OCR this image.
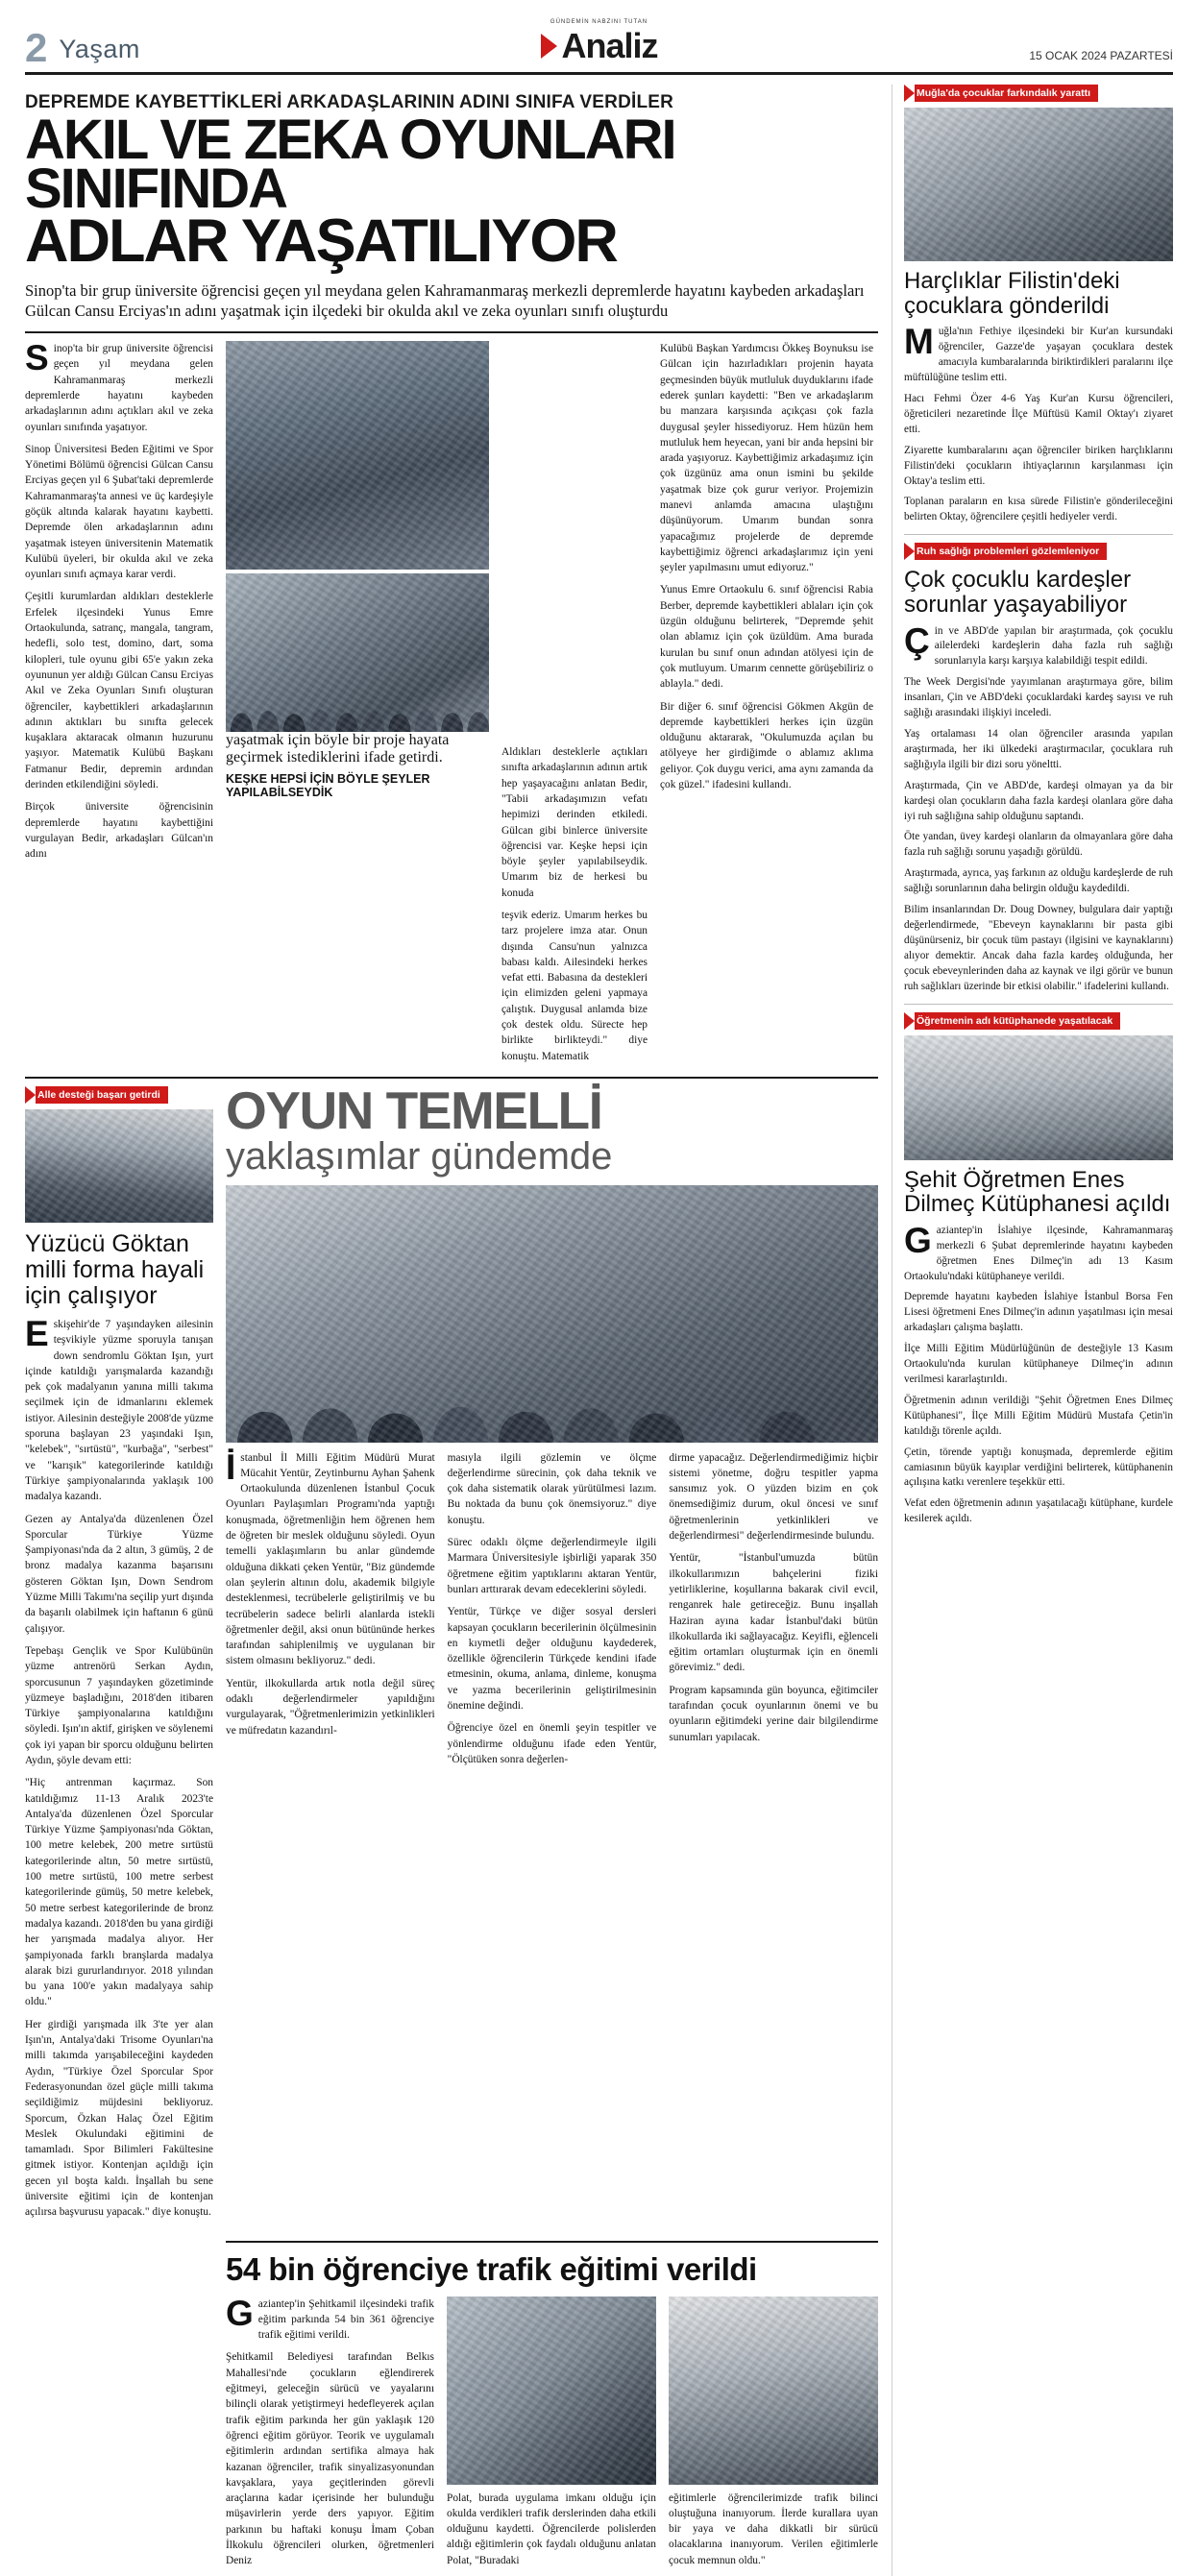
2 Yaşam
GÜNDEMİN NABZINI TUTAN
Analiz	15 OCAK 2024 PAZARTESİ
DEPREMDE KAYBETTİKLERİ ARKADAŞLARININ ADINI SINIFA VERDİLER
AKIL VE ZEKA OYUNLARI SINIFINDA
ADLAR YAŞATILIYOR
Sinop'ta bir grup üniversite öğrencisi geçen yıl meydana gelen Kahramanmaraş merkezli depremlerde hayatını kaybeden arkadaşları Gülcan Cansu Erciyas'ın adını yaşatmak için ilçedeki bir okulda akıl ve zeka oyunları sınıfı oluşturdu

Sinop'ta bir grup üniversite öğrencisi geçen yıl meydana gelen Kahramanmaraş merkezli depremlerde hayatını kaybeden arkadaşlarının adını açtıkları akıl ve zeka oyunları sınıfında yaşatıyor.

Sinop Üniversitesi Beden Eğitimi ve Spor Yönetimi Bölümü öğrencisi Gülcan Cansu Erciyas geçen yıl 6 Şubat'taki depremlerde Kahramanmaraş'ta annesi ve üç kardeşiyle göçük altında kalarak hayatını kaybetti. Depremde ölen arkadaşlarının adını yaşatmak isteyen üniversitenin Matematik Kulübü üyeleri, bir okulda akıl ve zeka oyunları sınıfı açmaya karar verdi.

Çeşitli kurumlardan aldıkları desteklerle Erfelek ilçesindeki Yunus Emre Ortaokulunda, satranç, mangala, tangram, hedefli, solo test, domino, dart, soma kilopleri, tule oyunu gibi 65'e yakın zeka oyununun yer aldığı Gülcan Cansu Erciyas Akıl ve Zeka Oyunları Sınıfı oluşturan öğrenciler, kaybettikleri arkadaşlarının adının aktıkları bu sınıfta gelecek kuşaklara aktaracak olmanın huzurunu yaşıyor. Matematik Kulübü Başkanı Fatmanur Bedir, depremin ardından derinden etkilendiğini söyledi.

Birçok üniversite öğrencisinin depremlerde hayatını kaybettiğini vurgulayan Bedir, arkadaşları Gülcan'ın adını

yaşatmak için böyle bir proje hayata geçirmek istediklerini ifade getirdi.
KEŞKE HEPSİ İÇİN BÖYLE ŞEYLER YAPILABİLSEYDİK

Aldıkları desteklerle açtıkları sınıfta arkadaşlarının adının artık hep yaşayacağını anlatan Bedir, "Tabii arkadaşımızın vefatı hepimizi derinden etkiledi. Gülcan gibi binlerce üniversite öğrencisi var. Keşke hepsi için böyle şeyler yapılabilseydik. Umarım biz de herkesi bu konuda

teşvik ederiz. Umarım herkes bu tarz projelere imza atar. Onun dışında Cansu'nun yalnızca babası kaldı. Ailesindeki herkes vefat etti. Babasına da destekleri için elimizden geleni yapmaya çalıştık. Duygusal anlamda bize çok destek oldu. Sürecte hep birlikte birlikteydi." diye konuştu. Matematik

Kulübü Başkan Yardımcısı Ökkeş Boynuksu ise Gülcan için hazırladıkları projenin hayata geçmesinden büyük mutluluk duyduklarını ifade ederek şunları kaydetti: "Ben ve arkadaşlarım bu manzara karşısında açıkçası çok fazla duygusal şeyler hissediyoruz. Hem hüzün hem mutluluk hem heyecan, yani bir anda hepsini bir arada yaşıyoruz. Kaybettiğimiz arkadaşımız için çok üzgünüz ama onun ismini bu şekilde yaşatmak bize çok gurur veriyor. Projemizin manevi anlamda amacına ulaştığını düşünüyorum. Umarım bundan sonra yapacağımız projelerde de depremde kaybettiğimiz öğrenci arkadaşlarımız için yeni şeyler yapılmasını umut ediyoruz."

Yunus Emre Ortaokulu 6. sınıf öğrencisi Rabia Berber, depremde kaybettikleri ablaları için çok üzgün olduğunu belirterek, "Depremde şehit olan ablamız için çok üzüldüm. Ama burada kurulan bu sınıf onun adından atölyesi için de çok mutluyum. Umarım cennette görüşebiliriz o ablayla." dedi.

Bir diğer 6. sınıf öğrencisi Gökmen Akgün de depremde kaybettikleri herkes için üzgün olduğunu aktararak, "Okulumuzda açılan bu atölyeye her girdiğimde o ablamız aklıma geliyor. Çok duygu verici, ama aynı zamanda da çok güzel." ifadesini kullandı.

Alle desteği başarı getirdi
Yüzücü Göktan milli forma hayali için çalışıyor

Eskişehir'de 7 yaşındayken ailesinin teşvikiyle yüzme sporuyla tanışan down sendromlu Göktan Işın, yurt içinde katıldığı yarışmalarda kazandığı pek çok madalyanın yanına milli takıma seçilmek için de idmanlarını eklemek istiyor. Ailesinin desteğiyle 2008'de yüzme sporuna başlayan 23 yaşındaki Işın, "kelebek", "sırtüstü", "kurbağa", "serbest" ve "karışık" kategorilerinde katıldığı Türkiye şampiyonalarında yaklaşık 100 madalya kazandı.

Gezen ay Antalya'da düzenlenen Özel Sporcular Türkiye Yüzme Şampiyonası'nda da 2 altın, 3 gümüş, 2 de bronz madalya kazanma başarısını gösteren Göktan Işın, Down Sendrom Yüzme Milli Takımı'na seçilip yurt dışında da başarılı olabilmek için haftanın 6 günü çalışıyor.

Tepebaşı Gençlik ve Spor Kulübünün yüzme antrenörü Serkan Aydın, sporcusunun 7 yaşındayken gözetiminde yüzmeye başladığını, 2018'den itibaren Türkiye şampiyonalarına katıldığını söyledi. Işın'ın aktif, girişken ve söylenemi çok iyi yapan bir sporcu olduğunu belirten Aydın, şöyle devam etti:

"Hiç antrenman kaçırmaz. Son katıldığımız 11-13 Aralık 2023'te Antalya'da düzenlenen Özel Sporcular Türkiye Yüzme Şampiyonası'nda Göktan, 100 metre kelebek, 200 metre sırtüstü kategorilerinde altın, 50 metre sırtüstü, 100 metre sırtüstü, 100 metre serbest kategorilerinde gümüş, 50 metre kelebek, 50 metre serbest kategorilerinde de bronz madalya kazandı. 2018'den bu yana girdiği her yarışmada madalya alıyor. Her şampiyonada farklı branşlarda madalya alarak bizi gururlandırıyor. 2018 yılından bu yana 100'e yakın madalyaya sahip oldu."

Her girdiği yarışmada ilk 3'te yer alan Işın'ın, Antalya'daki Trisome Oyunları'na milli takımda yarışabileceğini kaydeden Aydın, "Türkiye Özel Sporcular Spor Federasyonundan özel güçle milli takıma seçildiğimiz müjdesini bekliyoruz. Sporcum, Özkan Halaç Özel Eğitim Meslek Okulundaki eğitimini de tamamladı. Spor Bilimleri Fakültesine gitmek istiyor. Kontenjan açıldığı için gecen yıl boşta kaldı. İnşallah bu sene üniversite eğitimi için de kontenjan açılırsa başvurusu yapacak." diye konuştu.

OYUN TEMELLİ
yaklaşımlar gündemde

İstanbul İl Milli Eğitim Müdürü Murat Mücahit Yentür, Zeytinburnu Ayhan Şahenk Ortaokulunda düzenlenen İstanbul Çocuk Oyunları Paylaşımları Programı'nda yaptığı konuşmada, öğretmenliğin hem öğrenen hem de öğreten bir meslek olduğunu söyledi. Oyun temelli yaklaşımların bu anlar gündemde olduğuna dikkati çeken Yentür, "Biz gündemde olan şeylerin altının dolu, akademik bilgiyle desteklenmesi, tecrübelerle geliştirilmiş ve bu tecrübelerin sadece belirli alanlarda istekli öğretmenler değil, aksi onun bütününde herkes tarafından sahiplenilmiş ve uygulanan bir sistem olmasını bekliyoruz." dedi.

Yentür, ilkokullarda artık notla değil süreç odaklı değerlendirmeler yapıldığını vurgulayarak, "Öğretmenlerimizin yetkinlikleri ve müfredatın kazandırıl-

masıyla ilgili gözlemin ve ölçme değerlendirme sürecinin, çok daha teknik ve çok daha sistematik olarak yürütülmesi lazım. Bu noktada da bunu çok önemsiyoruz." diye konuştu.

Sürec odaklı ölçme değerlendirmeyle ilgili Marmara Üniversitesiyle işbirliği yaparak 350 öğretmene eğitim yaptıklarını aktaran Yentür, bunları arttırarak devam edeceklerini söyledi.

Yentür, Türkçe ve diğer sosyal dersleri kapsayan çocukların becerilerinin ölçülmesinin en kıymetli değer olduğunu kaydederek, özellikle öğrencilerin Türkçede kendini ifade etmesinin, okuma, anlama, dinleme, konuşma ve yazma becerilerinin geliştirilmesinin önemine değindi.

Öğrenciye özel en önemli şeyin tespitler ve yönlendirme olduğunu ifade eden Yentür, "Ölçütüken sonra değerlen-

dirme yapacağız. Değerlendirmediğimiz hiçbir sistemi yönetme, doğru tespitler yapma sansımız yok. O yüzden bizim en çok önemsediğimiz durum, okul öncesi ve sınıf öğretmenlerinin yetkinlikleri ve değerlendirmesi" değerlendirmesinde bulundu.

Yentür, "İstanbul'umuzda bütün ilkokullarımızın bahçelerini fiziki yetirliklerine, koşullarına bakarak civil evcil, renganrek hale getireceğiz. Bunu inşallah Haziran ayına kadar İstanbul'daki bütün ilkokullarda iki sağlayacağız. Keyifli, eğlenceli eğitim ortamları oluşturmak için en önemli görevimiz." dedi.

Program kapsamında gün boyunca, eğitimciler tarafından çocuk oyunlarının önemi ve bu oyunların eğitimdeki yerine dair bilgilendirme sunumları yapılacak.

54 bin öğrenciye trafik eğitimi verildi

Gaziantep'in Şehitkamil ilçesindeki trafik eğitim parkında 54 bin 361 öğrenciye trafik eğitimi verildi.

Şehitkamil Belediyesi tarafından Belkıs Mahallesi'nde çocukların eğlendirerek eğitmeyi, geleceğin sürücü ve yayalarını bilinçli olarak yetiştirmeyi hedefleyerek açılan trafik eğitim parkında her gün yaklaşık 120 öğrenci eğitim görüyor. Teorik ve uygulamalı eğitimlerin ardından sertifika almaya hak kazanan öğrenciler, trafik sinyalizasyonundan kavşaklara, yaya geçitlerinden görevli araçlarına kadar içerisinde her bulunduğu müşavirlerin yerde ders yapıyor. Eğitim parkının bu haftaki konuşu İmam Çoban İlkokulu öğrencileri olurken, öğretmenleri Deniz

Polat, burada uygulama imkanı olduğu için okulda verdikleri trafik derslerinden daha etkili olduğunu kaydetti. Öğrencilerde polislerden aldığı eğitimlerin çok faydalı olduğunu anlatan Polat, "Buradaki

eğitimlerle öğrencilerimizde trafik bilinci oluştuğuna inanıyorum. İlerde kurallara uyan bir yaya ve daha dikkatli bir sürücü olacaklarına inanıyorum. Verilen eğitimlerle çocuk memnun oldu."

Muğla'da çocuklar farkındalık yarattı
Harçlıklar Filistin'deki çocuklara gönderildi

Muğla'nın Fethiye ilçesindeki bir Kur'an kursundaki öğrenciler, Gazze'de yaşayan çocuklara destek amacıyla kumbaralarında biriktirdikleri paralarını ilçe müftülüğüne teslim etti.

Hacı Fehmi Özer 4-6 Yaş Kur'an Kursu öğrencileri, öğreticileri nezaretinde İlçe Müftüsü Kamil Oktay'ı ziyaret etti.

Ziyarette kumbaralarını açan öğrenciler biriken harçlıklarını Filistin'deki çocukların ihtiyaçlarının karşılanması için Oktay'a teslim etti.

Toplanan paraların en kısa sürede Filistin'e gönderileceğini belirten Oktay, öğrencilere çeşitli hediyeler verdi.

Ruh sağlığı problemleri gözlemleniyor
Çok çocuklu kardeşler sorunlar yaşayabiliyor

Çin ve ABD'de yapılan bir araştırmada, çok çocuklu ailelerdeki kardeşlerin daha fazla ruh sağlığı sorunlarıyla karşı karşıya kalabildiği tespit edildi.

The Week Dergisi'nde yayımlanan araştırmaya göre, bilim insanları, Çin ve ABD'deki çocuklardaki kardeş sayısı ve ruh sağlığı arasındaki ilişkiyi inceledi.

Yaş ortalaması 14 olan öğrenciler arasında yapılan araştırmada, her iki ülkedeki araştırmacılar, çocuklara ruh sağlığıyla ilgili bir dizi soru yöneltti.

Araştırmada, Çin ve ABD'de, kardeşi olmayan ya da bir kardeşi olan çocukların daha fazla kardeşi olanlara göre daha iyi ruh sağlığına sahip olduğunu saptandı.

Öte yandan, üvey kardeşi olanların da olmayanlara göre daha fazla ruh sağlığı sorunu yaşadığı görüldü.

Araştırmada, ayrıca, yaş farkının az olduğu kardeşlerde de ruh sağlığı sorunlarının daha belirgin olduğu kaydedildi.

Bilim insanlarından Dr. Doug Downey, bulgulara dair yaptığı değerlendirmede, "Ebeveyn kaynaklarını bir pasta gibi düşünürseniz, bir çocuk tüm pastayı (ilgisini ve kaynaklarını) alıyor demektir. Ancak daha fazla kardeş olduğunda, her çocuk ebeveynlerinden daha az kaynak ve ilgi görür ve bunun ruh sağlıkları üzerinde bir etkisi olabilir." ifadelerini kullandı.

Öğretmenin adı kütüphanede yaşatılacak
Şehit Öğretmen Enes Dilmeç Kütüphanesi açıldı

Gaziantep'in İslahiye ilçesinde, Kahramanmaraş merkezli 6 Şubat depremlerinde hayatını kaybeden öğretmen Enes Dilmeç'in adı 13 Kasım Ortaokulu'ndaki kütüphaneye verildi.

Depremde hayatını kaybeden İslahiye İstanbul Borsa Fen Lisesi öğretmeni Enes Dilmeç'in adının yaşatılması için mesai arkadaşları çalışma başlattı.

İlçe Milli Eğitim Müdürlüğünün de desteğiyle 13 Kasım Ortaokulu'nda kurulan kütüphaneye Dilmeç'in adının verilmesi kararlaştırıldı.

Öğretmenin adının verildiği "Şehit Öğretmen Enes Dilmeç Kütüphanesi", İlçe Milli Eğitim Müdürü Mustafa Çetin'in katıldığı törenle açıldı.

Çetin, törende yaptığı konuşmada, depremlerde eğitim camiasının büyük kayıplar verdiğini belirterek, kütüphanenin açılışına katkı verenlere teşekkür etti.

Vefat eden öğretmenin adının yaşatılacağı kütüphane, kurdele kesilerek açıldı.
